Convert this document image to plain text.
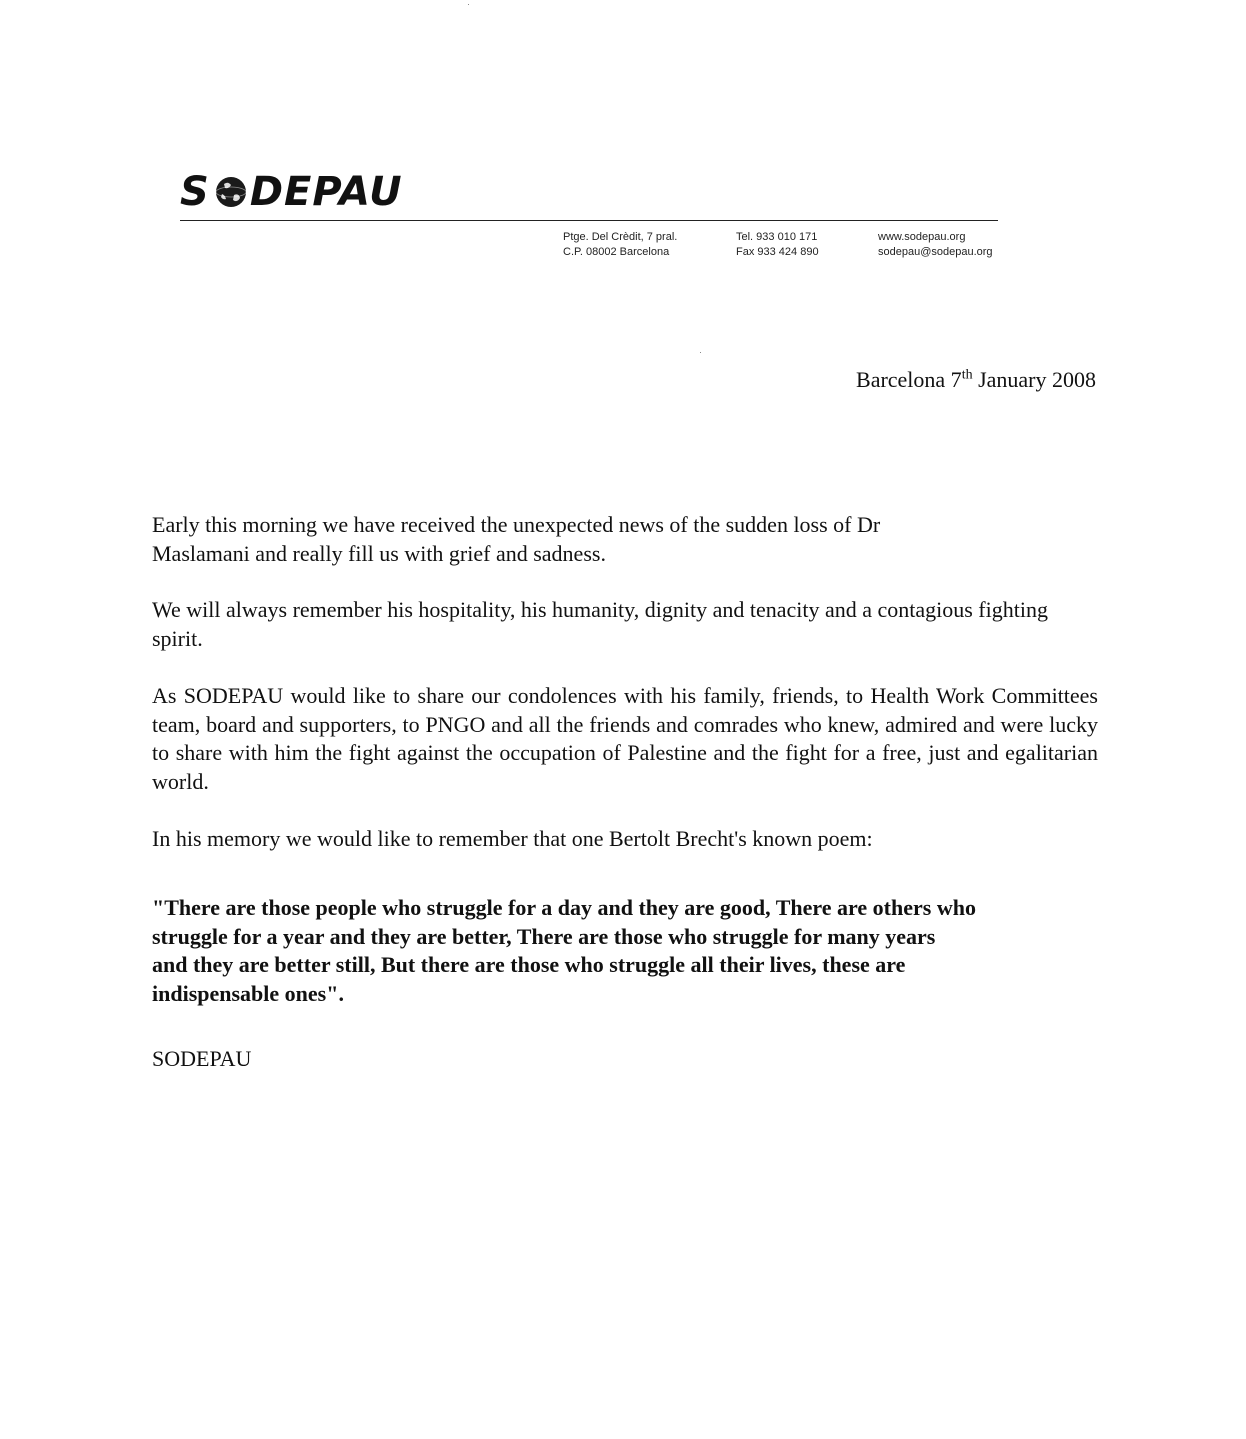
S DEPAU
Ptge. Del Crèdit, 7 pral.
C.P. 08002 Barcelona
Tel. 933 010 171
Fax 933 424 890
www.sodepau.org
sodepau@sodepau.org
Barcelona 7th January 2008
Early this morning we have received the unexpected news of the sudden loss of Dr
Maslamani and really fill us with grief and sadness.
We will always remember his hospitality, his humanity, dignity and tenacity and a contagious fighting spirit.
As SODEPAU would like to share our condolences with his family, friends, to Health Work Committees team, board and supporters, to PNGO and all the friends and comrades who knew, admired and were lucky to share with him the fight against the occupation of Palestine and the fight for a free, just and egalitarian world.
In his memory we would like to remember that one Bertolt Brecht's known poem:
"There are those people who struggle for a day and they are good, There are others who
struggle for a year and they are better, There are those who struggle for many years
and they are better still, But there are those who struggle all their lives, these are
indispensable ones".
SODEPAU
